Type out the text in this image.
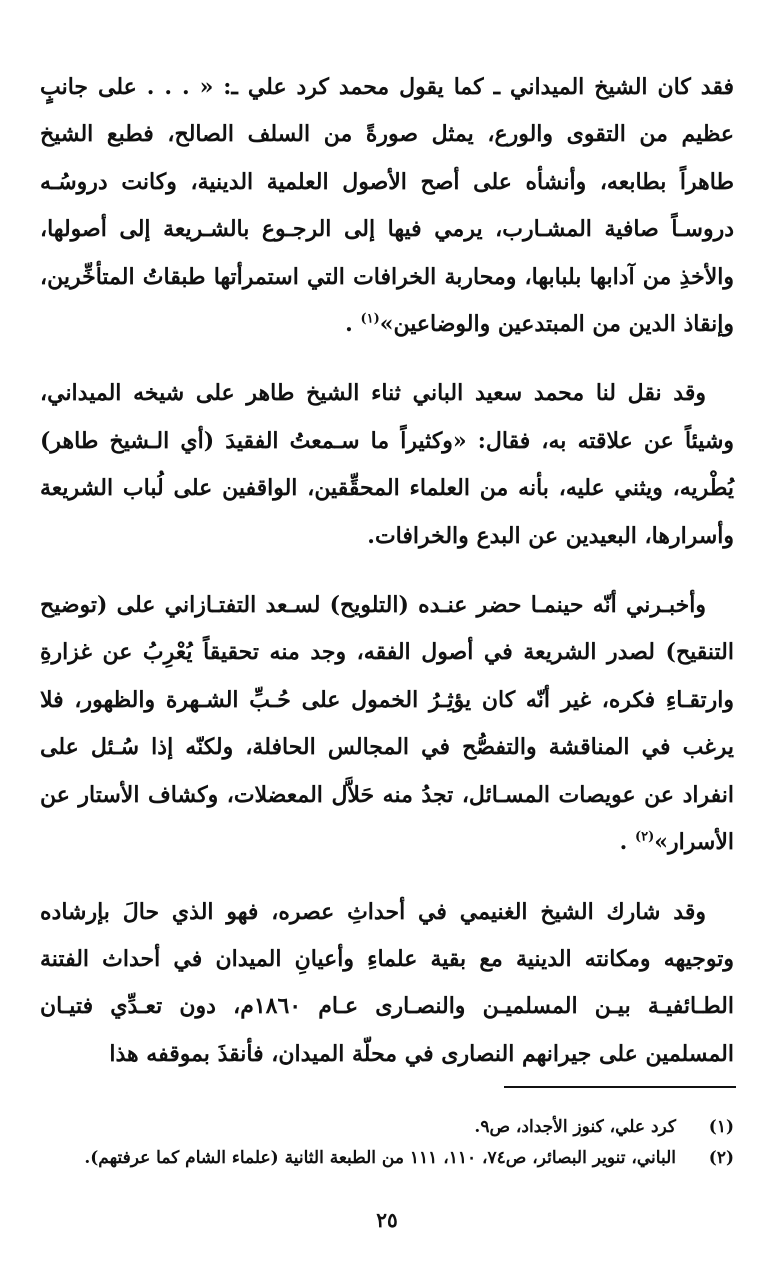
فقد كان الشيخ الميداني ـ كما يقول محمد كرد علي ـ: « . . . على جانبٍ عظيم من التقوى والورع، يمثل صورةً من السلف الصالح، فطبع الشيخ طاهراً بطابعه، وأنشأه على أصح الأصول العلمية الدينية، وكانت دروسُـه دروسـاً صافية المشـارب، يرمي فيها إلى الرجـوع بالشـريعة إلى أصولها، والأخذِ من آدابها بلبابها، ومحاربة الخرافات التي استمرأتها طبقاتُ المتأخِّرين، وإنقاذ الدين من المبتدعين والوضاعين»$^{(١)}$ .

وقد نقل لنا محمد سعيد الباني ثناء الشيخ طاهر على شيخه الميداني، وشيئاً عن علاقته به، فقال: «وكثيراً ما سـمعتُ الفقيدَ (أي الـشيخ طاهر) يُطْريه، ويثني عليه، بأنه من العلماء المحقِّقين، الواقفين على لُباب الشريعة وأسرارها، البعيدين عن البدع والخرافات.

وأخبـرني أنّه حينمـا حضر عنـده (التلويح) لسـعد التفتـازاني على (توضيح التنقيح) لصدر الشريعة في أصول الفقه، وجد منه تحقيقاً يُعْرِبُ عن غزارةِ وارتقـاءِ فكره، غير أنّه كان يؤثِـرُ الخمول على حُـبِّ الشـهرة والظهور، فلا يرغب في المناقشة والتفصُّح في المجالس الحافلة، ولكنّه إذا سُـئل على انفراد عن عويصات المسـائل، تجدُ منه حَلاَّل المعضلات، وكشاف الأستار عن الأسرار»$^{(٢)}$ .

وقد شارك الشيخ الغنيمي في أحداثِ عصره، فهو الذي حالَ بإرشاده وتوجيهه ومكانته الدينية مع بقية علماءِ وأعيانِ الميدان في أحداث الفتنة الطـائفيـة بيـن المسلميـن والنصـارى عـام ١٨٦٠م، دون تعـدِّي فتيـان المسلمين على جيرانهم النصارى في محلّة الميدان، فأنقذَ بموقفه هذا

(١)
كرد علي، كنوز الأجداد، ص٩.
(٢)
الباني، تنوير البصائر، ص٧٤، ١١٠، ١١١ من الطبعة الثانية (علماء الشام كما عرفتهم).
٢٥
